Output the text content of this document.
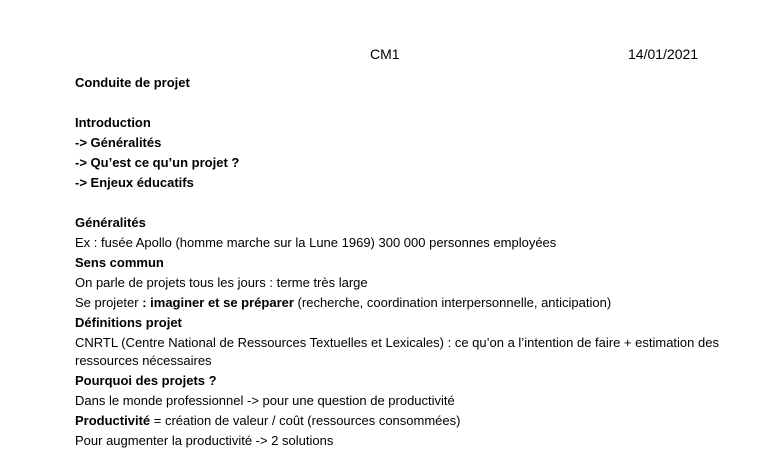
CM1	14/01/2021
Conduite de projet
Introduction
-> Généralités
-> Qu’est ce qu’un projet ?
-> Enjeux éducatifs
Généralités
Ex : fusée Apollo (homme marche sur la Lune 1969) 300 000 personnes employées
Sens commun
On parle de projets tous les jours : terme très large
Se projeter : imaginer et se préparer (recherche, coordination interpersonnelle, anticipation)
Définitions projet
CNRTL (Centre National de Ressources Textuelles et Lexicales) : ce qu’on a l’intention de faire + estimation des ressources nécessaires
Pourquoi des projets ?
Dans le monde professionnel -> pour une question de productivité
Productivité = création de valeur / coût (ressources consommées)
Pour augmenter la productivité -> 2 solutions
